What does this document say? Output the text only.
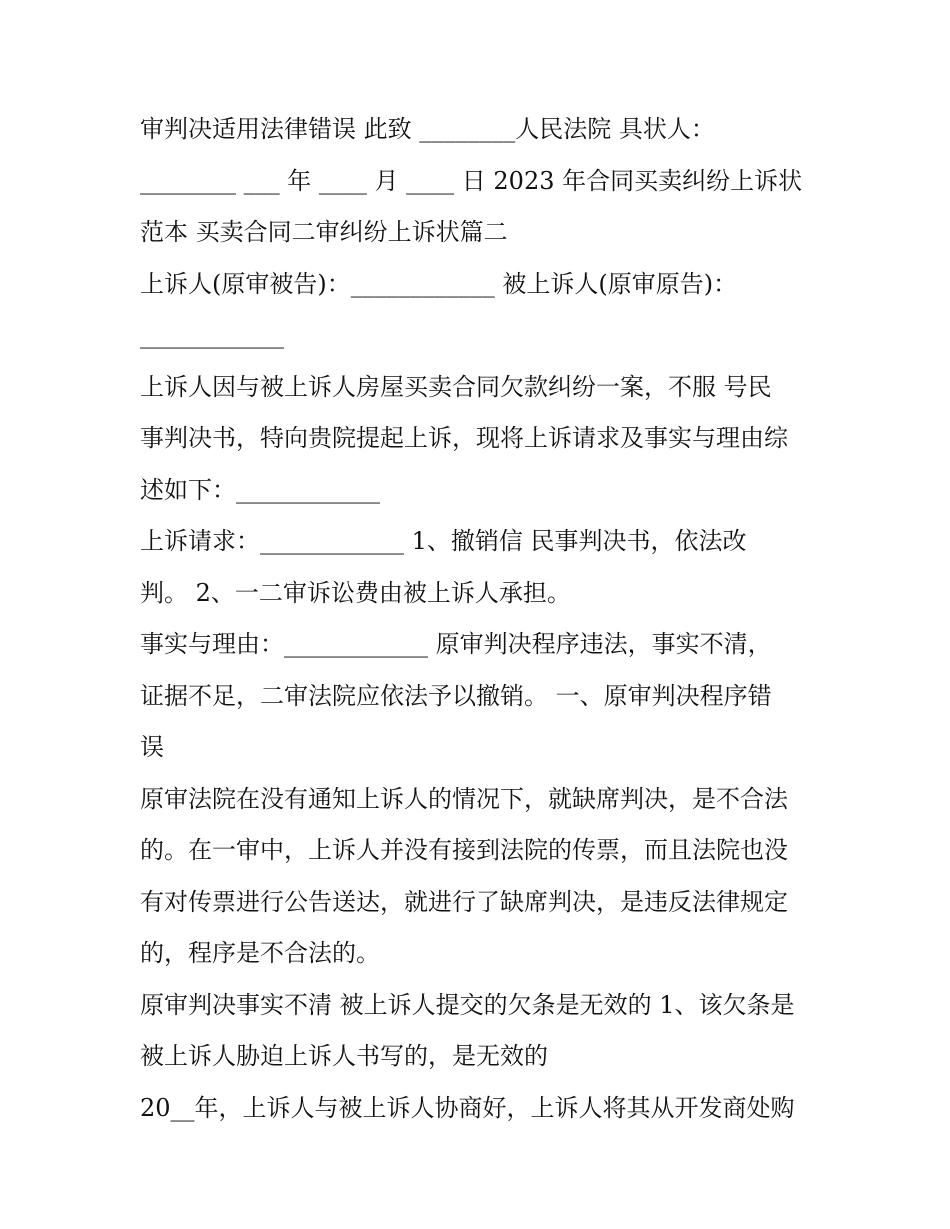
审判决适用法律错误 此致 ________人民法院 具状人：
________ ___ 年 ____ 月 ____ 日 2023 年合同买卖纠纷上诉状
范本 买卖合同二审纠纷上诉状篇二
上诉人(原审被告)：____________ 被上诉人(原审原告)：
____________
上诉人因与被上诉人房屋买卖合同欠款纠纷一案，不服 号民
事判决书，特向贵院提起上诉，现将上诉请求及事实与理由综
述如下：____________
上诉请求：____________ 1、撤销信 民事判决书，依法改
判。 2、一二审诉讼费由被上诉人承担。
事实与理由：____________ 原审判决程序违法，事实不清，
证据不足，二审法院应依法予以撤销。 一、原审判决程序错
误
原审法院在没有通知上诉人的情况下，就缺席判决，是不合法
的。在一审中，上诉人并没有接到法院的传票，而且法院也没
有对传票进行公告送达，就进行了缺席判决，是违反法律规定
的，程序是不合法的。
原审判决事实不清 被上诉人提交的欠条是无效的 1、该欠条是
被上诉人胁迫上诉人书写的，是无效的
20__年，上诉人与被上诉人协商好，上诉人将其从开发商处购
